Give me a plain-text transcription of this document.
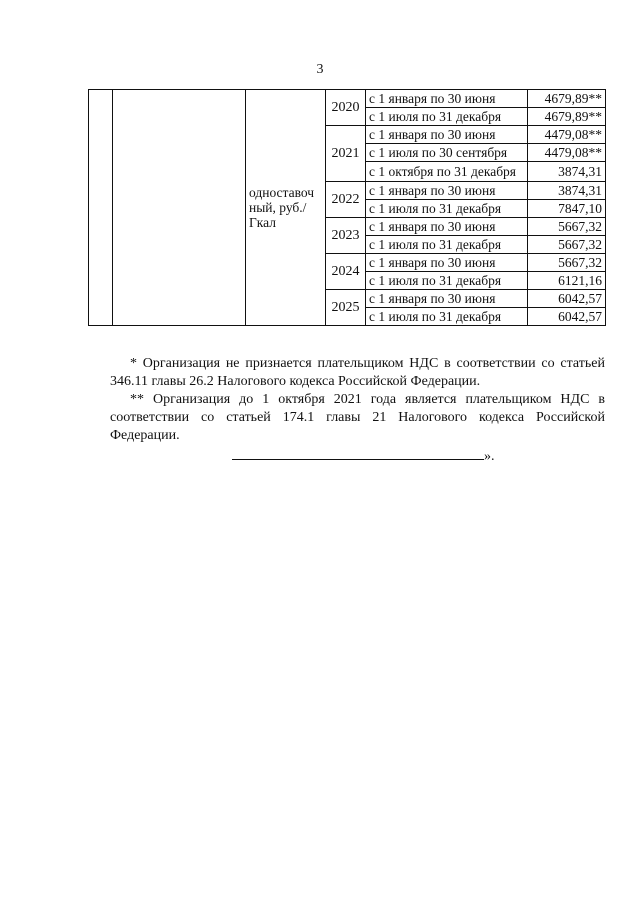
3
		одноставоч ный, руб./Гкал	2020	с 1 января по 30 июня	4679,89**
				с 1 июля по 31 декабря	4679,89**
			2021	с 1 января по 30 июня	4479,08**
				с 1 июля по 30 сентября	4479,08**
				с 1 октября по 31 декабря	3874,31
			2022	с 1 января по 30 июня	3874,31
				с 1 июля по 31 декабря	7847,10
			2023	с 1 января по 30 июня	5667,32
				с 1 июля по 31 декабря	5667,32
			2024	с 1 января по 30 июня	5667,32
				с 1 июля по 31 декабря	6121,16
			2025	с 1 января по 30 июня	6042,57
				с 1 июля по 31 декабря	6042,57

* Организация не признается плательщиком НДС в соответствии со статьей 346.11 главы 26.2 Налогового кодекса Российской Федерации.

** Организация до 1 октября 2021 года является плательщиком НДС в соответствии со статьей 174.1 главы 21 Налогового кодекса Российской Федерации.

».
